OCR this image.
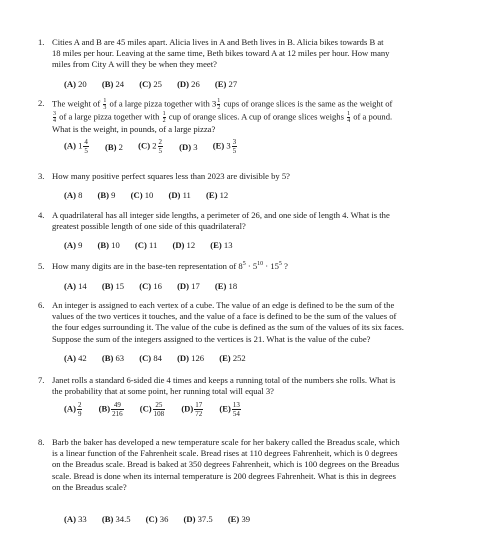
1. Cities A and B are 45 miles apart. Alicia lives in A and Beth lives in B. Alicia bikes towards B at

18 miles per hour. Leaving at the same time, Beth bikes toward A at 12 miles per hour. How many

miles from City A will they be when they meet?

(A) 20 (B) 24 (C) 25 (D) 26 (E) 27
2. The weight of $\frac{1}{3}$ of a large pizza together with $3 \frac{1}{2}$ cups of orange slices is the same as the weight of

$\frac{3}{4}$ of a large pizza together with $\frac{1}{2}$ cup of orange slices. A cup of orange slices weighs $\frac{1}{4}$ of a pound.

What is the weight, in pounds, of a large pizza?

(A) $1 \frac{4}{5} (B)$ 2 (C) $2 \frac{2}{5} (D)$ 3 (E) $3 \frac{3}{5}$
3. How many positive perfect squares less than 2023 are divisible by 5?

(A) 8 (B) 9 (C) 10 (D) 11 (E) 12
4. A quadrilateral has all integer side lengths, a perimeter of 26, and one side of length 4. What is the

greatest possible length of one side of this quadrilateral?

(A) 9 (B) 10 (C) 11 (D) 12 (E) 13
5. How many digits are in the base-ten representation of $8^5 \cdot 5^{10} \cdot 15^5$ ?

(A) 14 (B) 15 (C) 16 (D) 17 (E) 18
6. An integer is assigned to each vertex of a cube. The value of an edge is defined to be the sum of the

values of the two vertices it touches, and the value of a face is defined to be the sum of the values of

the four edges surrounding it. The value of the cube is defined as the sum of the values of its six faces.

Suppose the sum of the integers assigned to the vertices is 21. What is the value of the cube?

(A) 42 (B) 63 (C) 84 (D) 126 (E) 252
7. Janet rolls a standard 6-sided die 4 times and keeps a running total of the numbers she rolls. What is

the probability that at some point, her running total will equal 3?

$(A) \frac{2}{9} (B) \frac{49}{216} (C) \frac{25}{108} (D) \frac{17}{72} (E) \frac{13}{54}$
8. Barb the baker has developed a new temperature scale for her bakery called the Breadus scale, which

is a linear function of the Fahrenheit scale. Bread rises at 110 degrees Fahrenheit, which is 0 degrees

on the Breadus scale. Bread is baked at 350 degrees Fahrenheit, which is 100 degrees on the Breadus

scale. Bread is done when its internal temperature is 200 degrees Fahrenheit. What is this in degrees

on the Breadus scale?

(A) 33 (B) 34.5 (C) 36 (D) 37.5 (E) 39
